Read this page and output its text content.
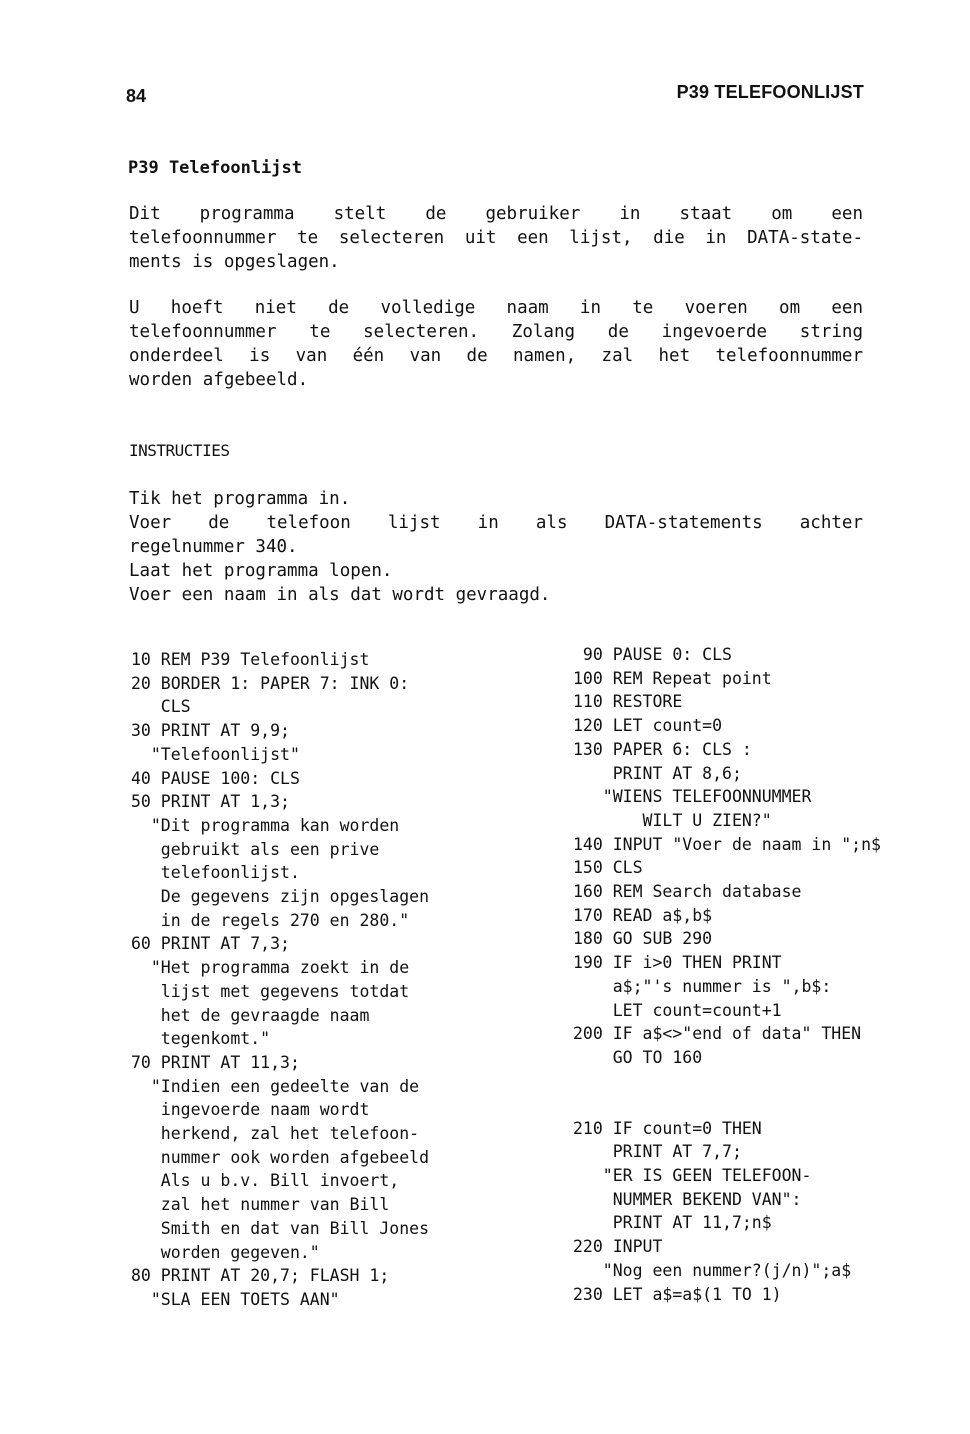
84	P39 TELEFOONLIJST
P39 Telefoonlijst
Dit programma stelt de gebruiker in staat om een
telefoonnummer te selecteren uit een lijst, die in DATA-state-
ments is opgeslagen.
U hoeft niet de volledige naam in te voeren om een
telefoonnummer te selecteren. Zolang de ingevoerde string
onderdeel is van één van de namen, zal het telefoonnummer
worden afgebeeld.
INSTRUCTIES
Tik het programma in.
Voer de telefoon lijst in als DATA-statements achter
regelnummer 340.
Laat het programma lopen.
Voer een naam in als dat wordt gevraagd.
10 REM P39 Telefoonlijst
20 BORDER 1: PAPER 7: INK 0:
CLS
30 PRINT AT 9,9;
"Telefoonlijst"
40 PAUSE 100: CLS
50 PRINT AT 1,3;
"Dit programma kan worden
gebruikt als een prive
telefoonlijst.
De gegevens zijn opgeslagen
in de regels 270 en 280."
60 PRINT AT 7,3;
"Het programma zoekt in de
lijst met gegevens totdat
het de gevraagde naam
tegenkomt."
70 PRINT AT 11,3;
"Indien een gedeelte van de
ingevoerde naam wordt
herkend, zal het telefoon-
nummer ook worden afgebeeld
Als u b.v. Bill invoert,
zal het nummer van Bill
Smith en dat van Bill Jones
worden gegeven."
80 PRINT AT 20,7; FLASH 1;
"SLA EEN TOETS AAN"
90 PAUSE 0: CLS
100 REM Repeat point
110 RESTORE
120 LET count=0
130 PAPER 6: CLS :
PRINT AT 8,6;
"WIENS TELEFOONNUMMER
WILT U ZIEN?"
140 INPUT "Voer de naam in ";n$
150 CLS
160 REM Search database
170 READ a$,b$
180 GO SUB 290
190 IF i>0 THEN PRINT
a$;"'s nummer is ",b$:
LET count=count+1
200 IF a$<>"end of data" THEN
GO TO 160
210 IF count=0 THEN
PRINT AT 7,7;
"ER IS GEEN TELEFOON-
NUMMER BEKEND VAN":
PRINT AT 11,7;n$
220 INPUT
"Nog een nummer?(j/n)";a$
230 LET a$=a$(1 TO 1)
